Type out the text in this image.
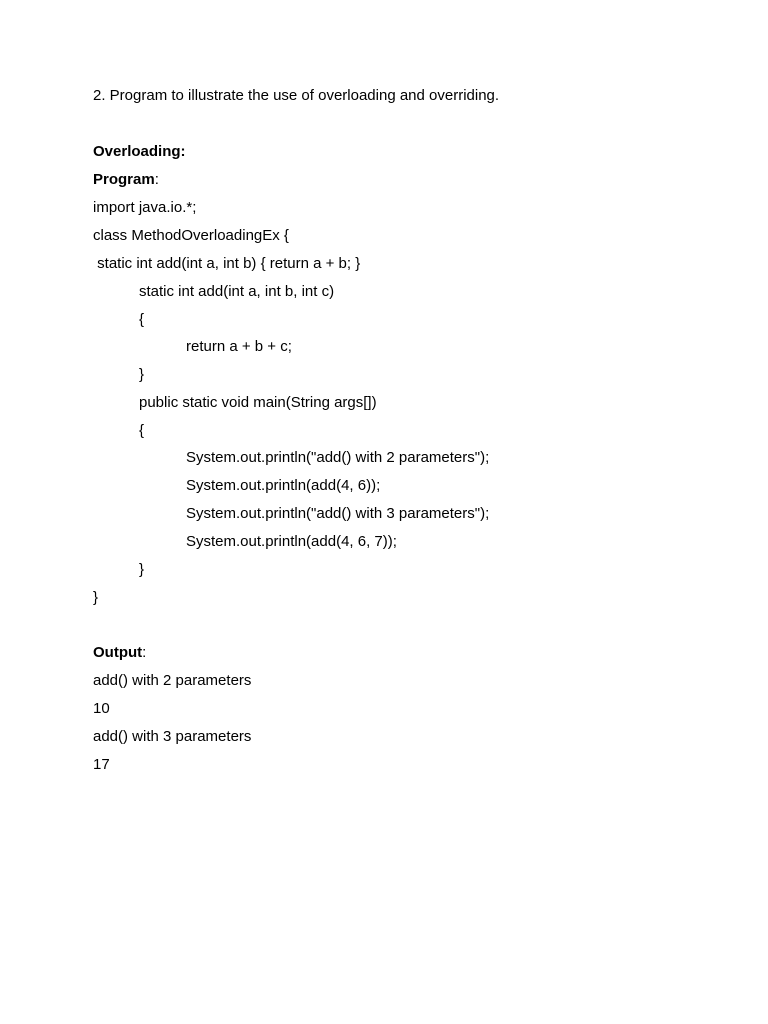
2. Program to illustrate the use of overloading and overriding.
Overloading:
Program:
import java.io.*;
class MethodOverloadingEx {
static int add(int a, int b) { return a + b; }
static int add(int a, int b, int c)
{
return a + b + c;
}
public static void main(String args[])
{
System.out.println("add() with 2 parameters");
System.out.println(add(4, 6));
System.out.println("add() with 3 parameters");
System.out.println(add(4, 6, 7));
}
}
Output:
add() with 2 parameters
10
add() with 3 parameters
17
